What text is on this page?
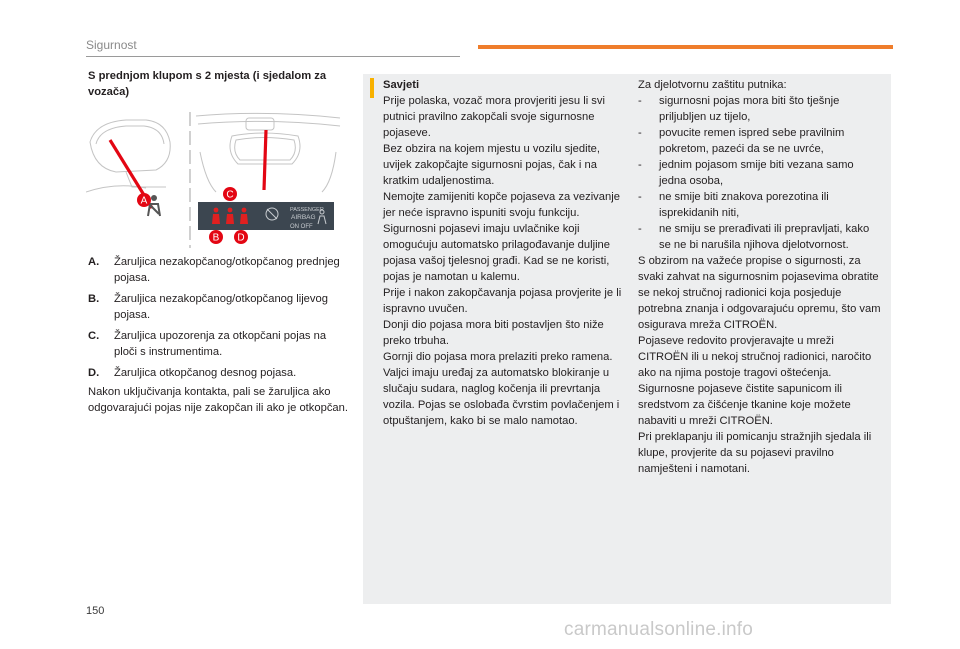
Sigurnost
S prednjom klupom s 2 mjesta (i sjedalom za vozača)
A
PASSENGER
AIRBAG
ON OFF
C
B D
A.	Žaruljica nezakopčanog/otkopčanog prednjeg pojasa.
B.	Žaruljica nezakopčanog/otkopčanog lijevog pojasa.
C.	Žaruljica upozorenja za otkopčani pojas na ploči s instrumentima.
D.	Žaruljica otkopčanog desnog pojasa.
Nakon uključivanja kontakta, pali se žaruljica ako odgovarajući pojas nije zakopčan ili ako je otkopčan.

Savjeti

Prije polaska, vozač mora provjeriti jesu li svi putnici pravilno zakopčali svoje sigurnosne pojaseve.

Bez obzira na kojem mjestu u vozilu sjedite, uvijek zakopčajte sigurnosni pojas, čak i na kratkim udaljenostima.

Nemojte zamijeniti kopče pojaseva za vezivanje jer neće ispravno ispuniti svoju funkciju.

Sigurnosni pojasevi imaju uvlačnike koji omogućuju automatsko prilagođavanje duljine pojasa vašoj tjelesnoj građi. Kad se ne koristi, pojas je namotan u kalemu.

Prije i nakon zakopčavanja pojasa provjerite je li ispravno uvučen.

Donji dio pojasa mora biti postavljen što niže preko trbuha.

Gornji dio pojasa mora prelaziti preko ramena.

Valjci imaju uređaj za automatsko blokiranje u slučaju sudara, naglog kočenja ili prevrtanja vozila. Pojas se oslobađa čvrstim povlačenjem i otpuštanjem, kako bi se malo namotao.

Za djelotvornu zaštitu putnika:

-	sigurnosni pojas mora biti što tješnje priljubljen uz tijelo,
-	povucite remen ispred sebe pravilnim pokretom, pazeći da se ne uvrće,
-	jednim pojasom smije biti vezana samo jedna osoba,
-	ne smije biti znakova porezotina ili isprekidanih niti,
-	ne smiju se prerađivati ili prepravljati, kako se ne bi narušila njihova djelotvornost.

S obzirom na važeće propise o sigurnosti, za svaki zahvat na sigurnosnim pojasevima obratite se nekoj stručnoj radionici koja posjeduje potrebna znanja i odgovarajuću opremu, što vam osigurava mreža CITROËN.

Pojaseve redovito provjeravajte u mreži CITROËN ili u nekoj stručnoj radionici, naročito ako na njima postoje tragovi oštećenja.

Sigurnosne pojaseve čistite sapunicom ili sredstvom za čišćenje tkanine koje možete nabaviti u mreži CITROËN.

Pri preklapanju ili pomicanju stražnjih sjedala ili klupe, provjerite da su pojasevi pravilno namješteni i namotani.

150
carmanualsonline.info
